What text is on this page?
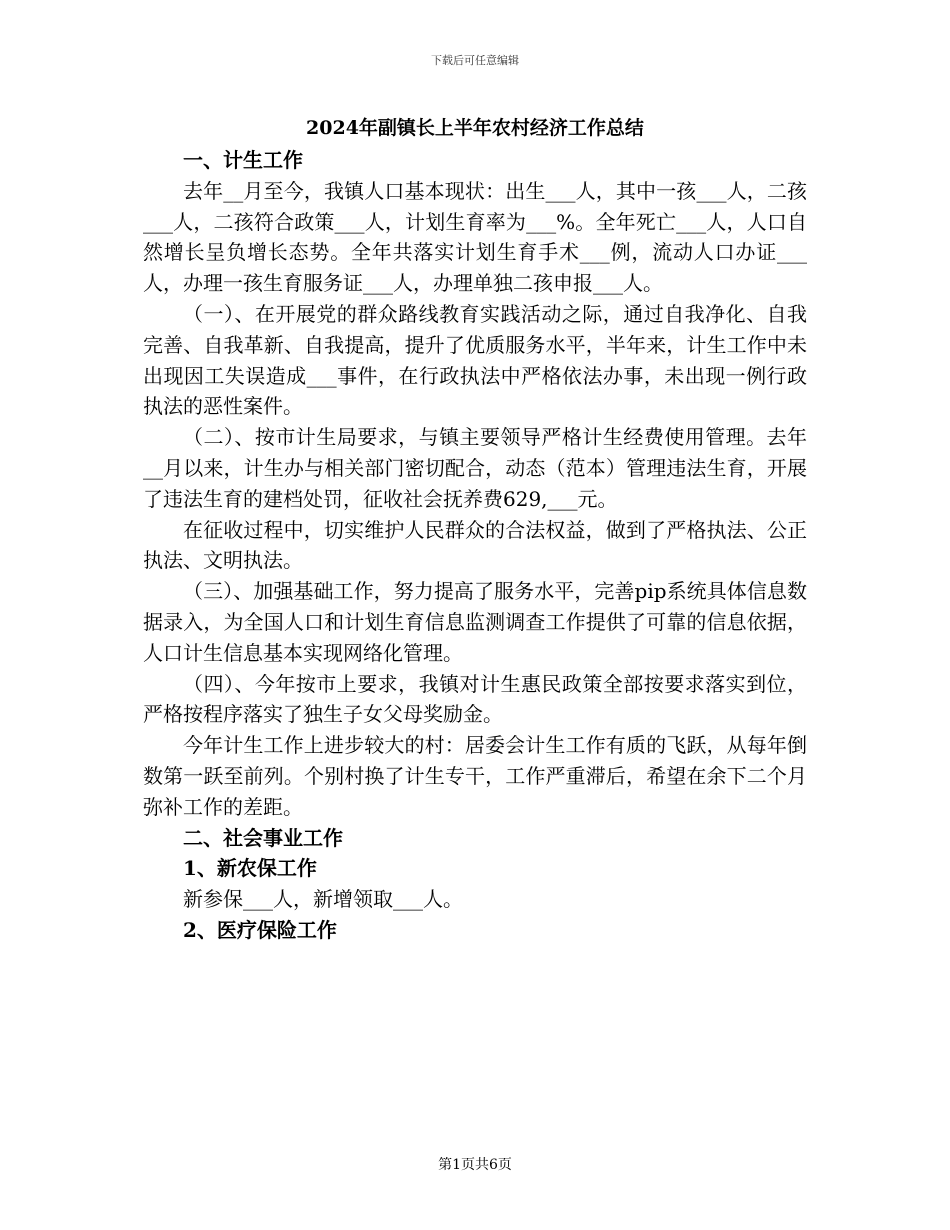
下载后可任意编辑
2024年副镇长上半年农村经济工作总结

一、计生工作

去年__月至今，我镇人口基本现状：出生___人，其中一孩___人，二孩___人，二孩符合政策___人，计划生育率为___%。全年死亡___人，人口自然增长呈负增长态势。全年共落实计划生育手术___例，流动人口办证___人，办理一孩生育服务证___人，办理单独二孩申报___人。

（一）、在开展党的群众路线教育实践活动之际，通过自我净化、自我完善、自我革新、自我提高，提升了优质服务水平，半年来，计生工作中未出现因工失误造成___事件，在行政执法中严格依法办事，未出现一例行政执法的恶性案件。

（二）、按市计生局要求，与镇主要领导严格计生经费使用管理。去年__月以来，计生办与相关部门密切配合，动态（范本）管理违法生育，开展了违法生育的建档处罚，征收社会抚养费629,___元。

在征收过程中，切实维护人民群众的合法权益，做到了严格执法、公正执法、文明执法。

（三）、加强基础工作，努力提高了服务水平，完善pip系统具体信息数据录入，为全国人口和计划生育信息监测调查工作提供了可靠的信息依据，人口计生信息基本实现网络化管理。

（四）、今年按市上要求，我镇对计生惠民政策全部按要求落实到位，严格按程序落实了独生子女父母奖励金。

今年计生工作上进步较大的村：居委会计生工作有质的飞跃，从每年倒数第一跃至前列。个别村换了计生专干，工作严重滞后，希望在余下二个月弥补工作的差距。

二、社会事业工作

1、新农保工作

新参保___人，新增领取___人。

2、医疗保险工作

第1页共6页
